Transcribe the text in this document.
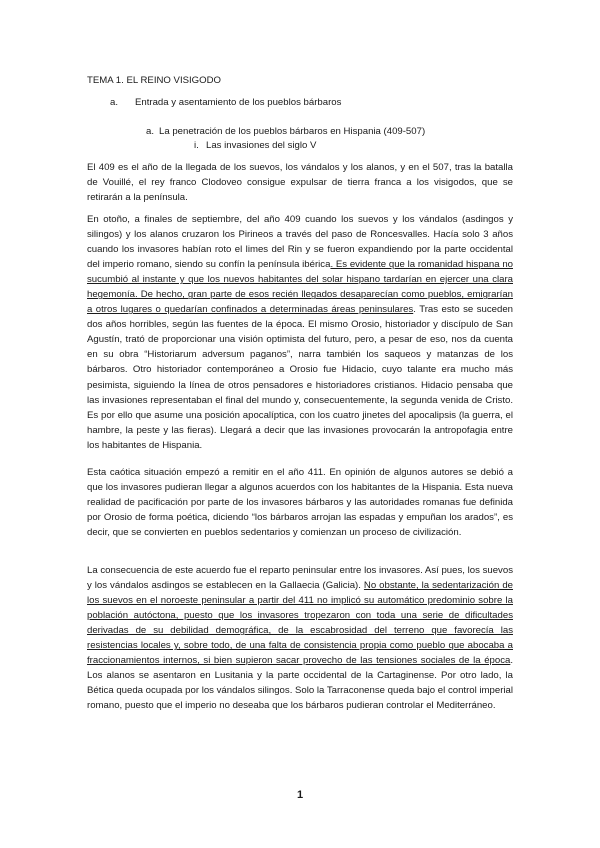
TEMA 1. EL REINO VISIGODO
a. Entrada y asentamiento de los pueblos bárbaros
a. La penetración de los pueblos bárbaros en Hispania (409-507)
i. Las invasiones del siglo V

El 409 es el año de la llegada de los suevos, los vándalos y los alanos, y en el 507, tras la batalla de Vouillé, el rey franco Clodoveo consigue expulsar de tierra franca a los visigodos, que se retirarán a la península.

En otoño, a finales de septiembre, del año 409 cuando los suevos y los vándalos (asdingos y silingos) y los alanos cruzaron los Pirineos a través del paso de Roncesvalles. Hacía solo 3 años cuando los invasores habían roto el limes del Rin y se fueron expandiendo por la parte occidental del imperio romano, siendo su confín la península ibérica. Es evidente que la romanidad hispana no sucumbió al instante y que los nuevos habitantes del solar hispano tardarían en ejercer una clara hegemonía. De hecho, gran parte de esos recién llegados desaparecían como pueblos, emigrarían a otros lugares o quedarían confinados a determinadas áreas peninsulares. Tras esto se suceden dos años horribles, según las fuentes de la época. El mismo Orosio, historiador y discípulo de San Agustín, trató de proporcionar una visión optimista del futuro, pero, a pesar de eso, nos da cuenta en su obra “Historiarum adversum paganos”, narra también los saqueos y matanzas de los bárbaros. Otro historiador contemporáneo a Orosio fue Hidacio, cuyo talante era mucho más pesimista, siguiendo la línea de otros pensadores e historiadores cristianos. Hidacio pensaba que las invasiones representaban el final del mundo y, consecuentemente, la segunda venida de Cristo. Es por ello que asume una posición apocalíptica, con los cuatro jinetes del apocalipsis (la guerra, el hambre, la peste y las fieras). Llegará a decir que las invasiones provocarán la antropofagia entre los habitantes de Hispania.

Esta caótica situación empezó a remitir en el año 411. En opinión de algunos autores se debió a que los invasores pudieran llegar a algunos acuerdos con los habitantes de la Hispania. Esta nueva realidad de pacificación por parte de los invasores bárbaros y las autoridades romanas fue definida por Orosio de forma poética, diciendo “los bárbaros arrojan las espadas y empuñan los arados”, es decir, que se convierten en pueblos sedentarios y comienzan un proceso de civilización.

La consecuencia de este acuerdo fue el reparto peninsular entre los invasores. Así pues, los suevos y los vándalos asdingos se establecen en la Gallaecia (Galicia). No obstante, la sedentarización de los suevos en el noroeste peninsular a partir del 411 no implicó su automático predominio sobre la población autóctona, puesto que los invasores tropezaron con toda una serie de dificultades derivadas de su debilidad demográfica, de la escabrosidad del terreno que favorecía las resistencias locales y, sobre todo, de una falta de consistencia propia como pueblo que abocaba a fraccionamientos internos, si bien supieron sacar provecho de las tensiones sociales de la época. Los alanos se asentaron en Lusitania y la parte occidental de la Cartaginense. Por otro lado, la Bética queda ocupada por los vándalos silingos. Solo la Tarraconense queda bajo el control imperial romano, puesto que el imperio no deseaba que los bárbaros pudieran controlar el Mediterráneo.

1
